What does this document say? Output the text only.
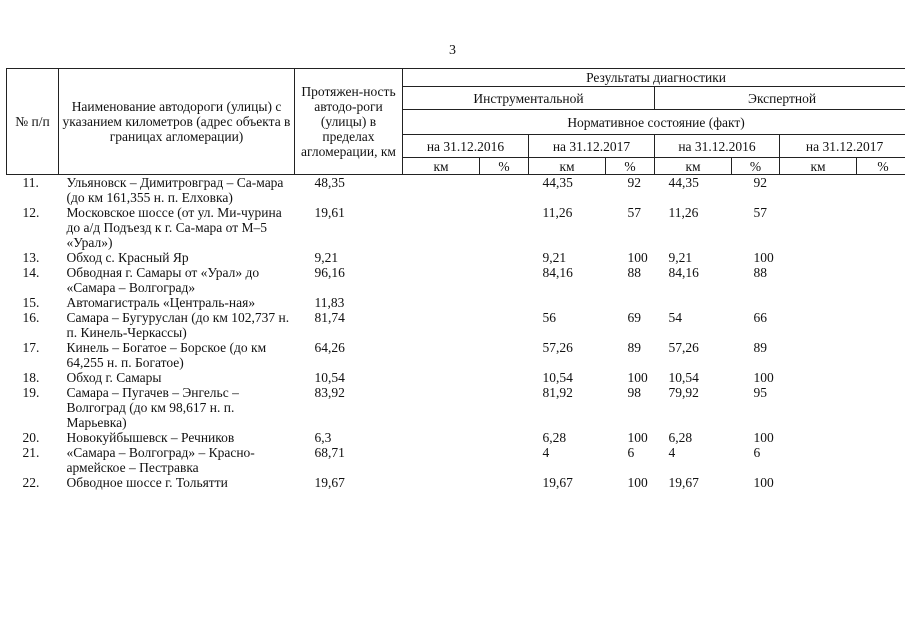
3
№ п/п	Наименование автодороги (улицы) с указанием километров (адрес объекта в границах агломерации)	Протяжен-ность автодо-роги (улицы) в пределах агломерации, км	Результаты диагностики							
			Инструментальной				Экспертной			
			Нормативное состояние (факт)							
			на 31.12.2016		на 31.12.2017		на 31.12.2016		на 31.12.2017	
			км	%	км	%	км	%	км	%
11.	Ульяновск – Димитровград – Са-мара (до км 161,355 н. п. Елховка)	48,35			44,35	92	44,35	92		
12.	Московское шоссе (от ул. Ми-чурина до а/д Подъезд к г. Са-мара от М–5 «Урал»)	19,61			11,26	57	11,26	57		
13.	Обход с. Красный Яр	9,21			9,21	100	9,21	100		
14.	Обводная г. Самары от «Урал» до «Самара – Волгоград»	96,16			84,16	88	84,16	88		
15.	Автомагистраль «Централь-ная»	11,83								
16.	Самара – Бугуруслан (до км 102,737 н. п. Кинель-Черкассы)	81,74			56	69	54	66		
17.	Кинель – Богатое – Борское (до км 64,255 н. п. Богатое)	64,26			57,26	89	57,26	89		
18.	Обход г. Самары	10,54			10,54	100	10,54	100		
19.	Самара – Пугачев – Энгельс – Волгоград (до км 98,617 н. п. Марьевка)	83,92			81,92	98	79,92	95		
20.	Новокуйбышевск – Речников	6,3			6,28	100	6,28	100		
21.	«Самара – Волгоград» – Красно-армейское – Пестравка	68,71			4	6	4	6		
22.	Обводное шоссе г. Тольятти	19,67			19,67	100	19,67	100		
